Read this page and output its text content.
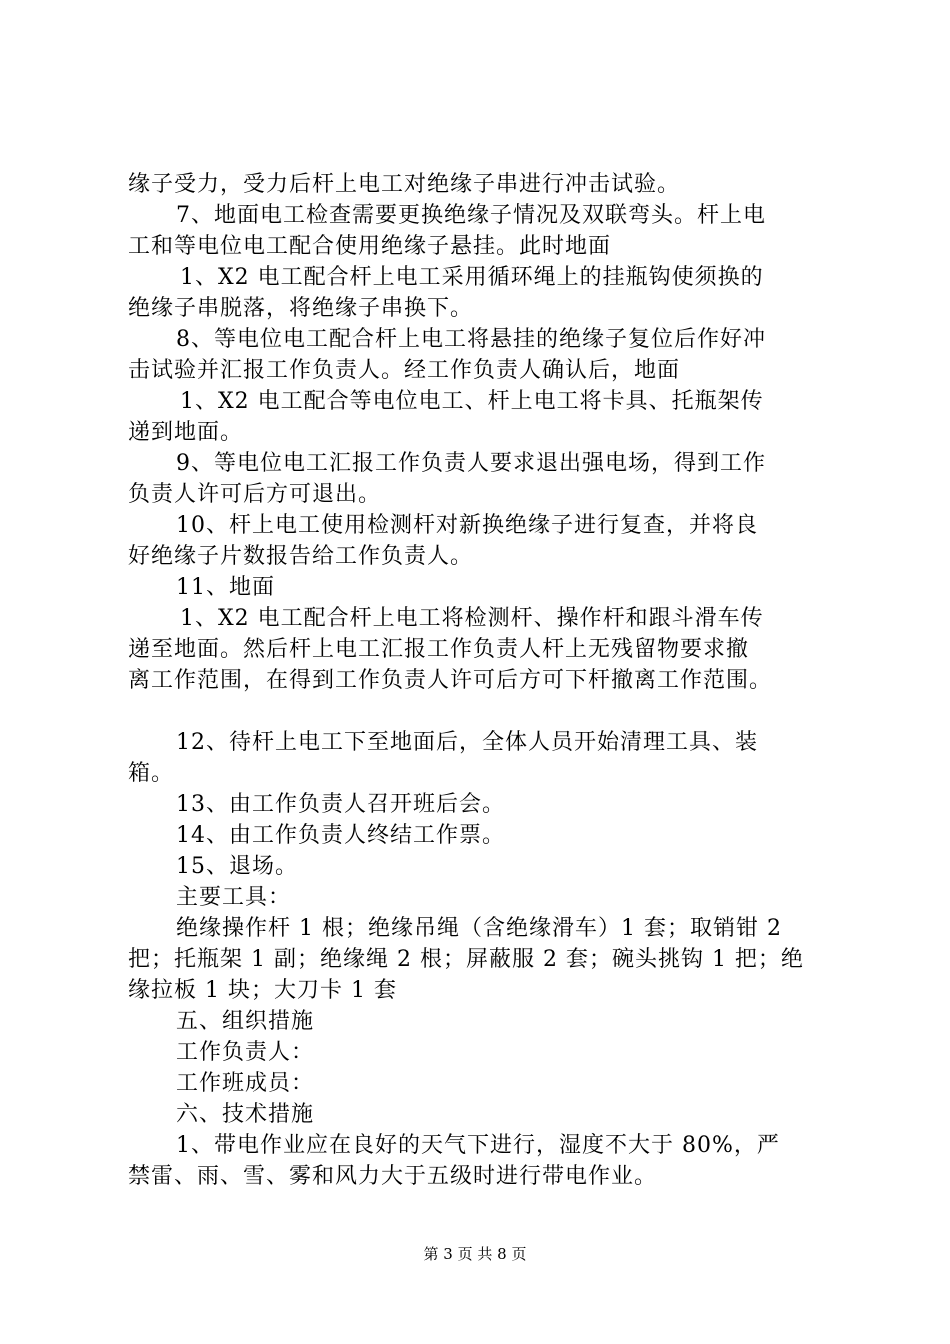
缘子受力，受力后杆上电工对绝缘子串进行冲击试验。
7、地面电工检查需要更换绝缘子情况及双联弯头。杆上电
工和等电位电工配合使用绝缘子悬挂。此时地面
1、X2 电工配合杆上电工采用循环绳上的挂瓶钩使须换的
绝缘子串脱落，将绝缘子串换下。
8、等电位电工配合杆上电工将悬挂的绝缘子复位后作好冲
击试验并汇报工作负责人。经工作负责人确认后，地面
1、X2 电工配合等电位电工、杆上电工将卡具、托瓶架传
递到地面。
9、等电位电工汇报工作负责人要求退出强电场，得到工作
负责人许可后方可退出。
10、杆上电工使用检测杆对新换绝缘子进行复查，并将良
好绝缘子片数报告给工作负责人。
11、地面
1、X2 电工配合杆上电工将检测杆、操作杆和跟斗滑车传
递至地面。然后杆上电工汇报工作负责人杆上无残留物要求撤
离工作范围，在得到工作负责人许可后方可下杆撤离工作范围。
12、待杆上电工下至地面后，全体人员开始清理工具、装
箱。
13、由工作负责人召开班后会。
14、由工作负责人终结工作票。
15、退场。
主要工具：
绝缘操作杆 1 根；绝缘吊绳（含绝缘滑车）1 套；取销钳 2
把；托瓶架 1 副；绝缘绳 2 根；屏蔽服 2 套；碗头挑钩 1 把；绝
缘拉板 1 块；大刀卡 1 套
五、组织措施
工作负责人：
工作班成员：
六、技术措施
1、带电作业应在良好的天气下进行，湿度不大于 80%，严
禁雷、雨、雪、雾和风力大于五级时进行带电作业。
第 3 页 共 8 页
